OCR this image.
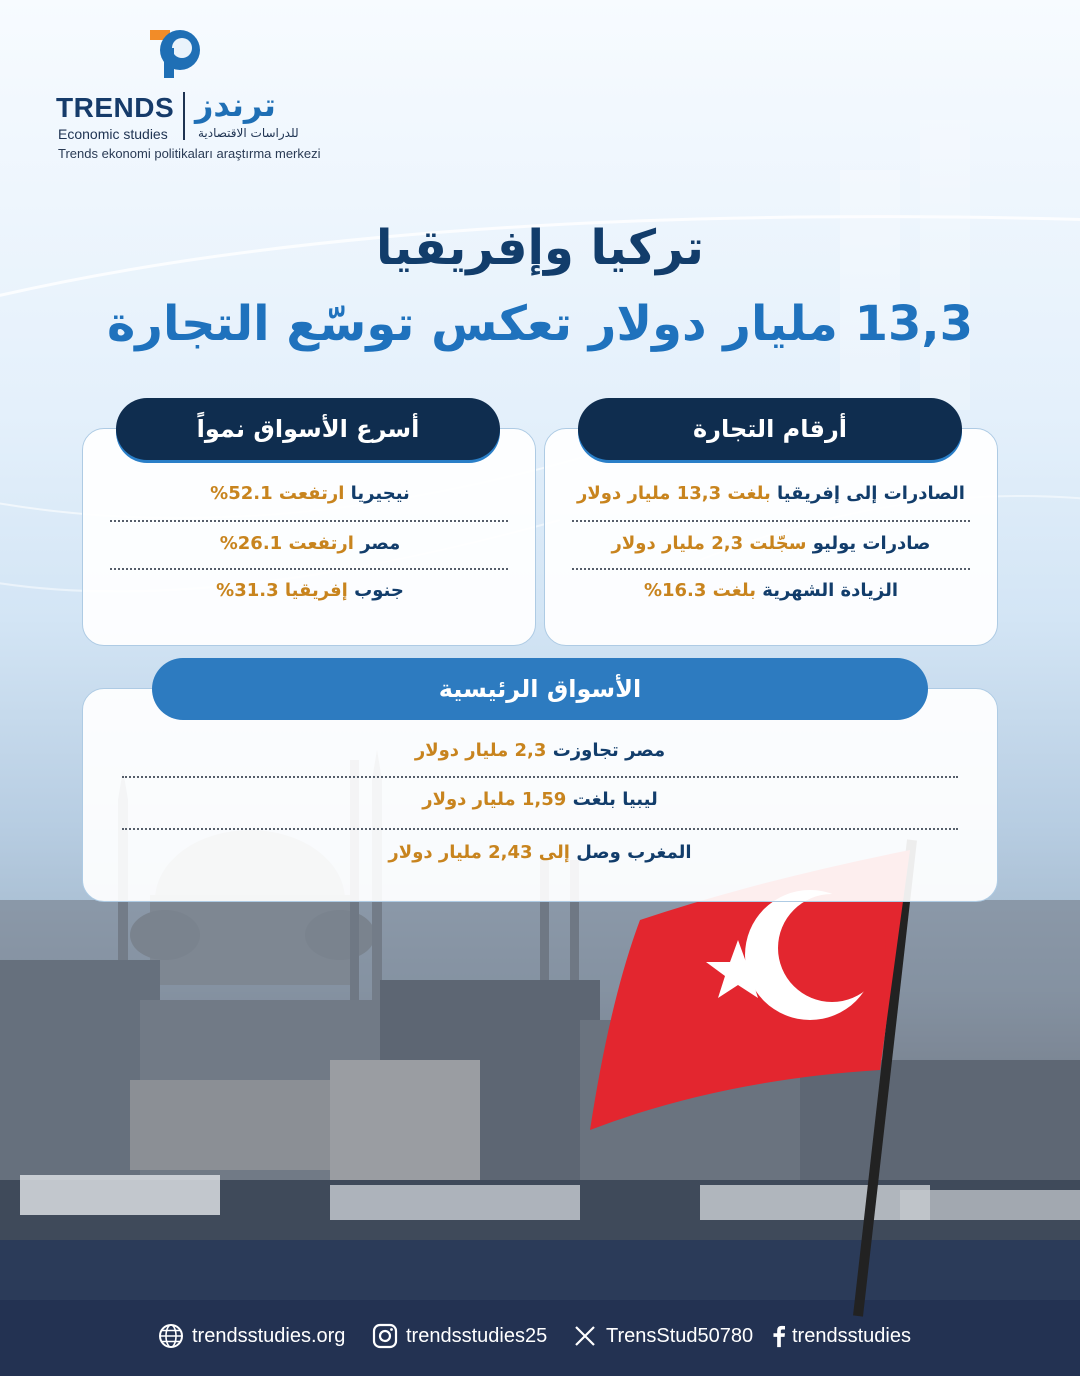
TRENDS
Economic studies
ترندز
للدراسات الاقتصادية
Trends ekonomi politikaları araştırma merkezi
تركيا وإفريقيا
13,3 مليار دولار تعكس توسّع التجارة
أسرع الأسواق نمواً
نيجيريا ارتفعت 52.1%
مصر ارتفعت 26.1%
جنوب إفريقيا 31.3%
أرقام التجارة
الصادرات إلى إفريقيا بلغت 13,3 مليار دولار
صادرات يوليو سجّلت 2,3 مليار دولار
الزيادة الشهرية بلغت 16.3%
الأسواق الرئيسية
مصر تجاوزت 2,3 مليار دولار
ليبيا بلغت 1,59 مليار دولار
المغرب وصل إلى 2,43 مليار دولار
trendsstudies.org	trendsstudies25	TrensStud50780 trendsstudies
